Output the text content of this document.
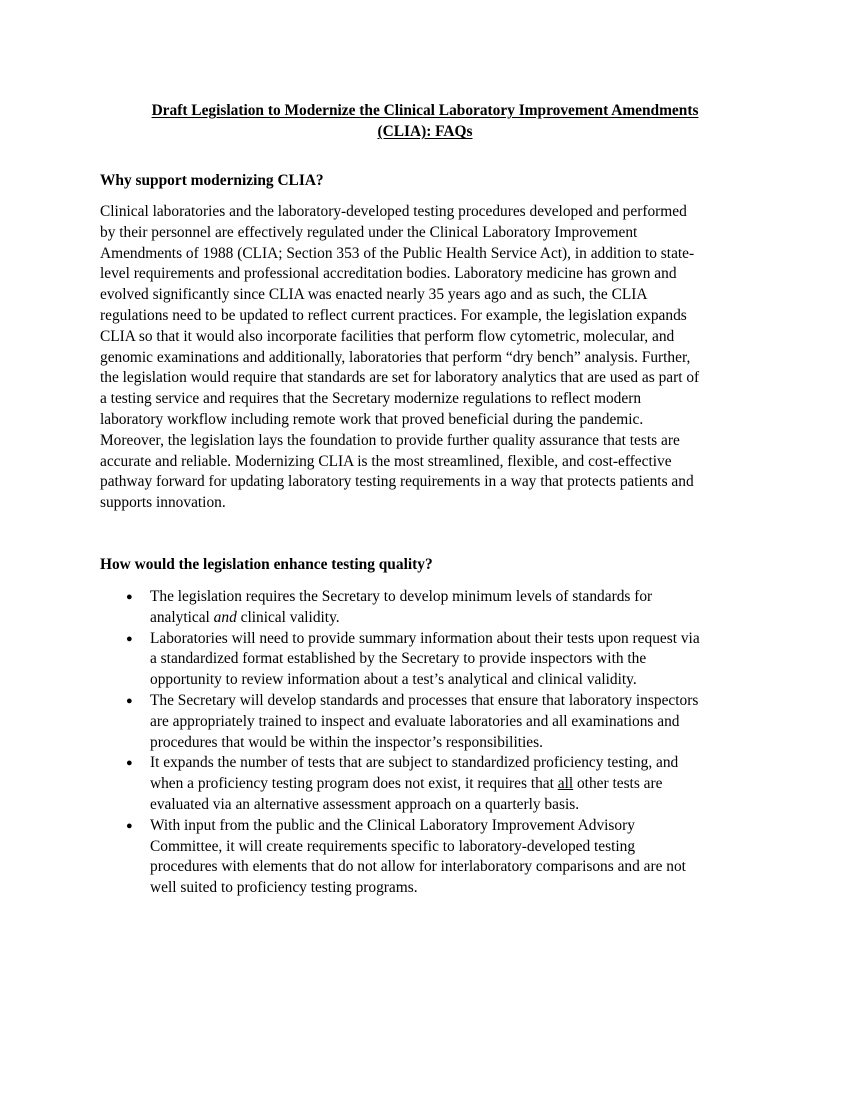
Draft Legislation to Modernize the Clinical Laboratory Improvement Amendments
(CLIA): FAQs
Why support modernizing CLIA?
Clinical laboratories and the laboratory-developed testing procedures developed and performed
by their personnel are effectively regulated under the Clinical Laboratory Improvement
Amendments of 1988 (CLIA; Section 353 of the Public Health Service Act), in addition to state-
level requirements and professional accreditation bodies. Laboratory medicine has grown and
evolved significantly since CLIA was enacted nearly 35 years ago and as such, the CLIA
regulations need to be updated to reflect current practices. For example, the legislation expands
CLIA so that it would also incorporate facilities that perform flow cytometric, molecular, and
genomic examinations and additionally, laboratories that perform “dry bench” analysis. Further,
the legislation would require that standards are set for laboratory analytics that are used as part of
a testing service and requires that the Secretary modernize regulations to reflect modern
laboratory workflow including remote work that proved beneficial during the pandemic.
Moreover, the legislation lays the foundation to provide further quality assurance that tests are
accurate and reliable. Modernizing CLIA is the most streamlined, flexible, and cost-effective
pathway forward for updating laboratory testing requirements in a way that protects patients and
supports innovation.
How would the legislation enhance testing quality?
● The legislation requires the Secretary to develop minimum levels of standards for
analytical and clinical validity.
● Laboratories will need to provide summary information about their tests upon request via
a standardized format established by the Secretary to provide inspectors with the
opportunity to review information about a test’s analytical and clinical validity.
● The Secretary will develop standards and processes that ensure that laboratory inspectors
are appropriately trained to inspect and evaluate laboratories and all examinations and
procedures that would be within the inspector’s responsibilities.
● It expands the number of tests that are subject to standardized proficiency testing, and
when a proficiency testing program does not exist, it requires that all other tests are
evaluated via an alternative assessment approach on a quarterly basis.
● With input from the public and the Clinical Laboratory Improvement Advisory
Committee, it will create requirements specific to laboratory-developed testing
procedures with elements that do not allow for interlaboratory comparisons and are not
well suited to proficiency testing programs.
